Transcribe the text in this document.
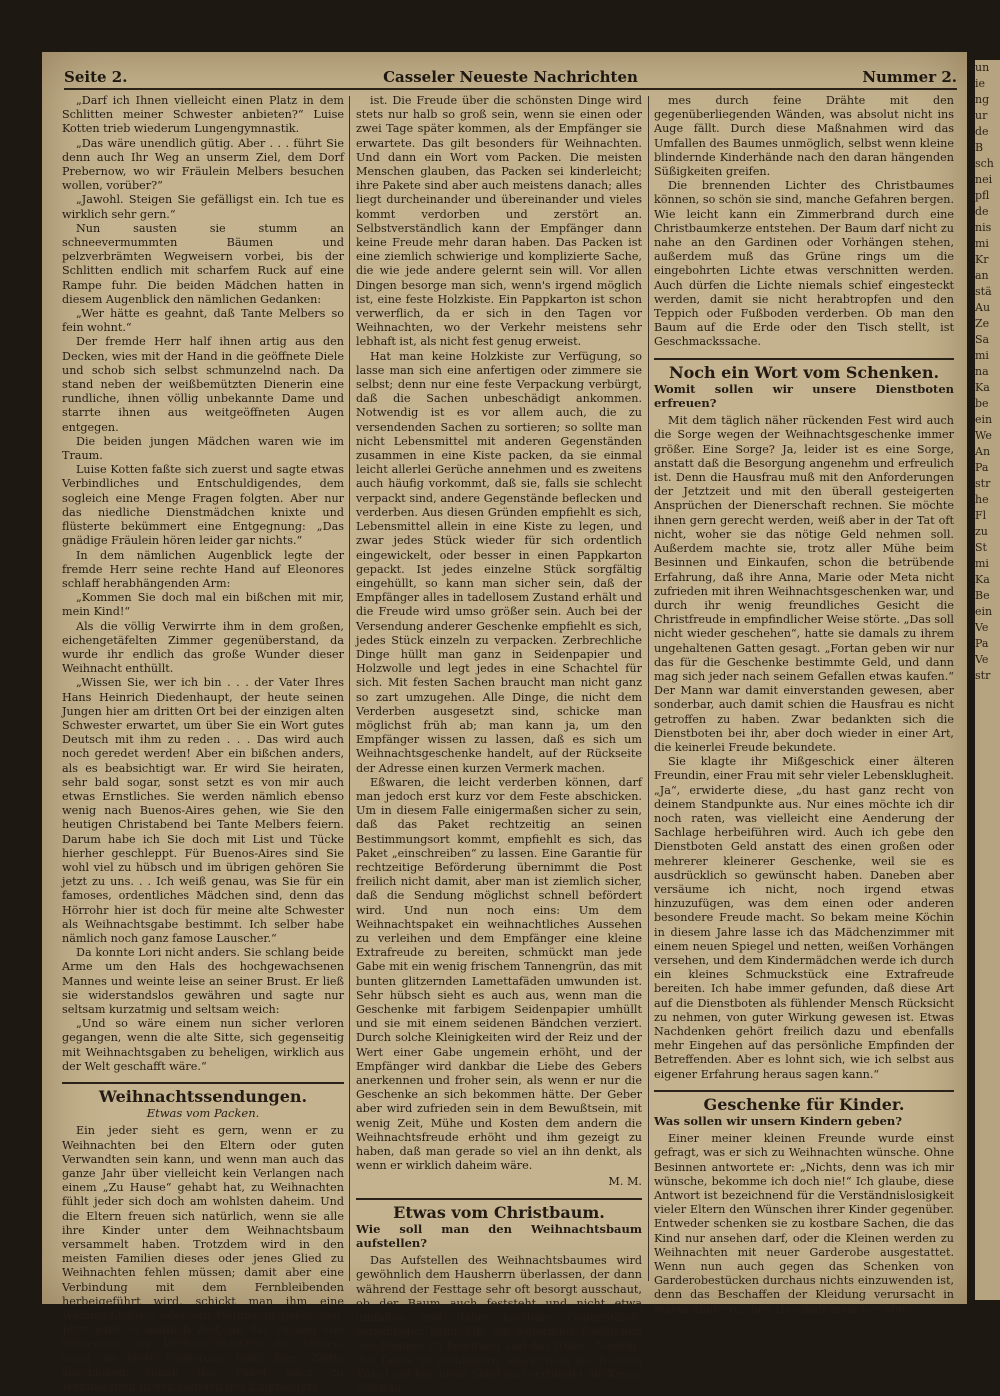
Seite 2.	Casseler Neueste Nachrichten	Nummer 2.

„Darf ich Ihnen vielleicht einen Platz in dem Schlitten meiner Schwester anbieten?“ Luise Kotten trieb wiederum Lungengymnastik.

„Das wäre unendlich gütig. Aber . . . führt Sie denn auch Ihr Weg an unserm Ziel, dem Dorf Prebernow, wo wir Fräulein Melbers besuchen wollen, vorüber?“

„Jawohl. Steigen Sie gefälligst ein. Ich tue es wirklich sehr gern.“

Nun sausten sie stumm an schneevermummten Bäumen und pelzverbrämten Wegweisern vorbei, bis der Schlitten endlich mit scharfem Ruck auf eine Rampe fuhr. Die beiden Mädchen hatten in diesem Augenblick den nämlichen Gedanken:

„Wer hätte es geahnt, daß Tante Melbers so fein wohnt.“

Der fremde Herr half ihnen artig aus den Decken, wies mit der Hand in die geöffnete Diele und schob sich selbst schmunzelnd nach. Da stand neben der weißbemützten Dienerin eine rundliche, ihnen völlig unbekannte Dame und starrte ihnen aus weitgeöffneten Augen entgegen.

Die beiden jungen Mädchen waren wie im Traum.

Luise Kotten faßte sich zuerst und sagte etwas Verbindliches und Entschuldigendes, dem sogleich eine Menge Fragen folgten. Aber nur das niedliche Dienstmädchen knixte und flüsterte bekümmert eine Entgegnung: „Das gnädige Fräulein hören leider gar nichts.“

In dem nämlichen Augenblick legte der fremde Herr seine rechte Hand auf Eleonores schlaff herabhängenden Arm:

„Kommen Sie doch mal ein bißchen mit mir, mein Kind!“

Als die völlig Verwirrte ihm in dem großen, eichengetäfelten Zimmer gegenüberstand, da wurde ihr endlich das große Wunder dieser Weihnacht enthüllt.

„Wissen Sie, wer ich bin . . . der Vater Ihres Hans Heinrich Diedenhaupt, der heute seinen Jungen hier am dritten Ort bei der einzigen alten Schwester erwartet, um über Sie ein Wort gutes Deutsch mit ihm zu reden . . . Das wird auch noch geredet werden! Aber ein bißchen anders, als es beabsichtigt war. Er wird Sie heiraten, sehr bald sogar, sonst setzt es von mir auch etwas Ernstliches. Sie werden nämlich ebenso wenig nach Buenos-Aires gehen, wie Sie den heutigen Christabend bei Tante Melbers feiern. Darum habe ich Sie doch mit List und Tücke hierher geschleppt. Für Buenos-Aires sind Sie wohl viel zu hübsch und im übrigen gehören Sie jetzt zu uns. . . Ich weiß genau, was Sie für ein famoses, ordentliches Mädchen sind, denn das Hörrohr hier ist doch für meine alte Schwester als Weihnachtsgabe bestimmt. Ich selber habe nämlich noch ganz famose Lauscher.“

Da konnte Lori nicht anders. Sie schlang beide Arme um den Hals des hochgewachsenen Mannes und weinte leise an seiner Brust. Er ließ sie widerstandslos gewähren und sagte nur seltsam kurzatmig und seltsam weich:

„Und so wäre einem nun sicher verloren gegangen, wenn die alte Sitte, sich gegenseitig mit Weihnachtsgaben zu beheligen, wirklich aus der Welt geschafft wäre.“

Weihnachtssendungen.
Etwas vom Packen.

Ein jeder sieht es gern, wenn er zu Weihnachten bei den Eltern oder guten Verwandten sein kann, und wenn man auch das ganze Jahr über vielleicht kein Verlangen nach einem „Zu Hause“ gehabt hat, zu Weihnachten fühlt jeder sich doch am wohlsten daheim. Und die Eltern freuen sich natürlich, wenn sie alle ihre Kinder unter dem Weihnachtsbaum versammelt haben. Trotzdem wird in den meisten Familien dieses oder jenes Glied zu Weihnachten fehlen müssen; damit aber eine Verbindung mit dem Fernbleibenden herbeigeführt wird, schickt man ihm eine Weihnachtskiste oder ein Weihnachtspaketchen. Jetzt wird es mählich Zeit, an das Packen und Versenden der Weihnachtskisten zu denken, denn die erste Forderung heißt hier: Zeitig abschicken, damit das Paket auch zu Weihnachten in den Händen des Empfängers

ist. Die Freude über die schönsten Dinge wird stets nur halb so groß sein, wenn sie einen oder zwei Tage später kommen, als der Empfänger sie erwartete. Das gilt besonders für Weihnachten. Und dann ein Wort vom Packen. Die meisten Menschen glauben, das Packen sei kinderleicht; ihre Pakete sind aber auch meistens danach; alles liegt durcheinander und übereinander und vieles kommt verdorben und zerstört an. Selbstverständlich kann der Empfänger dann keine Freude mehr daran haben. Das Packen ist eine ziemlich schwierige und komplizierte Sache, die wie jede andere gelernt sein will. Vor allen Dingen besorge man sich, wenn's irgend möglich ist, eine feste Holzkiste. Ein Pappkarton ist schon verwerflich, da er sich in den Tagen vor Weihnachten, wo der Verkehr meistens sehr lebhaft ist, als nicht fest genug erweist.

Hat man keine Holzkiste zur Verfügung, so lasse man sich eine anfertigen oder zimmere sie selbst; denn nur eine feste Verpackung verbürgt, daß die Sachen unbeschädigt ankommen. Notwendig ist es vor allem auch, die zu versendenden Sachen zu sortieren; so sollte man nicht Lebensmittel mit anderen Gegenständen zusammen in eine Kiste packen, da sie einmal leicht allerlei Gerüche annehmen und es zweitens auch häufig vorkommt, daß sie, falls sie schlecht verpackt sind, andere Gegenstände beflecken und verderben. Aus diesen Gründen empfiehlt es sich, Lebensmittel allein in eine Kiste zu legen, und zwar jedes Stück wieder für sich ordentlich eingewickelt, oder besser in einen Pappkarton gepackt. Ist jedes einzelne Stück sorgfältig eingehüllt, so kann man sicher sein, daß der Empfänger alles in tadellosem Zustand erhält und die Freude wird umso größer sein. Auch bei der Versendung anderer Geschenke empfiehlt es sich, jedes Stück einzeln zu verpacken. Zerbrechliche Dinge hüllt man ganz in Seidenpapier und Holzwolle und legt jedes in eine Schachtel für sich. Mit festen Sachen braucht man nicht ganz so zart umzugehen. Alle Dinge, die nicht dem Verderben ausgesetzt sind, schicke man möglichst früh ab; man kann ja, um den Empfänger wissen zu lassen, daß es sich um Weihnachtsgeschenke handelt, auf der Rückseite der Adresse einen kurzen Vermerk machen.

Eßwaren, die leicht verderben können, darf man jedoch erst kurz vor dem Feste abschicken. Um in diesem Falle einigermaßen sicher zu sein, daß das Paket rechtzeitig an seinen Bestimmungsort kommt, empfiehlt es sich, das Paket „einschreiben“ zu lassen. Eine Garantie für rechtzeitige Beförderung übernimmt die Post freilich nicht damit, aber man ist ziemlich sicher, daß die Sendung möglichst schnell befördert wird. Und nun noch eins: Um dem Weihnachtspaket ein weihnachtliches Aussehen zu verleihen und dem Empfänger eine kleine Extrafreude zu bereiten, schmückt man jede Gabe mit ein wenig frischem Tannengrün, das mit bunten glitzernden Lamettafäden umwunden ist. Sehr hübsch sieht es auch aus, wenn man die Geschenke mit farbigem Seidenpapier umhüllt und sie mit einem seidenen Bändchen verziert. Durch solche Kleinigkeiten wird der Reiz und der Wert einer Gabe ungemein erhöht, und der Empfänger wird dankbar die Liebe des Gebers anerkennen und froher sein, als wenn er nur die Geschenke an sich bekommen hätte. Der Geber aber wird zufrieden sein in dem Bewußtsein, mit wenig Zeit, Mühe und Kosten dem andern die Weihnachtsfreude erhöht und ihm gezeigt zu haben, daß man gerade so viel an ihn denkt, als wenn er wirklich daheim wäre.

M. M.
Etwas vom Christbaum.
Wie soll man den Weihnachtsbaum aufstellen?

Das Aufstellen des Weihnachtsbaumes wird gewöhnlich dem Hausherrn überlassen, der dann während der Festtage sehr oft besorgt ausschaut, ob der Baum auch feststeht und nicht etwa umfallen und dabei kostbare Gegenstände zerschlagen kann. Um ein dauerndes Feststehen des Baumes zu bewirken und das frühe „Nadeln“ der Tanne zu verhindern, steckt man sie in einen Kübel mit feuchtem Sand und verbindet die Krone des Bau-

mes durch feine Drähte mit den gegenüberliegenden Wänden, was absolut nicht ins Auge fällt. Durch diese Maßnahmen wird das Umfallen des Baumes unmöglich, selbst wenn kleine blindernde Kinderhände nach den daran hängenden Süßigkeiten greifen.

Die brennenden Lichter des Christbaumes können, so schön sie sind, manche Gefahren bergen. Wie leicht kann ein Zimmerbrand durch eine Christbaumkerze entstehen. Der Baum darf nicht zu nahe an den Gardinen oder Vorhängen stehen, außerdem muß das Grüne rings um die eingebohrten Lichte etwas verschnitten werden. Auch dürfen die Lichte niemals schief eingesteckt werden, damit sie nicht herabtropfen und den Teppich oder Fußboden verderben. Ob man den Baum auf die Erde oder den Tisch stellt, ist Geschmackssache.

Noch ein Wort vom Schenken.
Womit sollen wir unsere Dienstboten erfreuen?

Mit dem täglich näher rückenden Fest wird auch die Sorge wegen der Weihnachtsgeschenke immer größer. Eine Sorge? Ja, leider ist es eine Sorge, anstatt daß die Besorgung angenehm und erfreulich ist. Denn die Hausfrau muß mit den Anforderungen der Jetztzeit und mit den überall gesteigerten Ansprüchen der Dienerschaft rechnen. Sie möchte ihnen gern gerecht werden, weiß aber in der Tat oft nicht, woher sie das nötige Geld nehmen soll. Außerdem machte sie, trotz aller Mühe beim Besinnen und Einkaufen, schon die betrübende Erfahrung, daß ihre Anna, Marie oder Meta nicht zufrieden mit ihren Weihnachtsgeschenken war, und durch ihr wenig freundliches Gesicht die Christfreude in empfindlicher Weise störte. „Das soll nicht wieder geschehen“, hatte sie damals zu ihrem ungehaltenen Gatten gesagt. „Fortan geben wir nur das für die Geschenke bestimmte Geld, und dann mag sich jeder nach seinem Gefallen etwas kaufen.“ Der Mann war damit einverstanden gewesen, aber sonderbar, auch damit schien die Hausfrau es nicht getroffen zu haben. Zwar bedankten sich die Dienstboten bei ihr, aber doch wieder in einer Art, die keinerlei Freude bekundete.

Sie klagte ihr Mißgeschick einer älteren Freundin, einer Frau mit sehr vieler Lebensklugheit. „Ja“, erwiderte diese, „du hast ganz recht von deinem Standpunkte aus. Nur eines möchte ich dir noch raten, was vielleicht eine Aenderung der Sachlage herbeiführen wird. Auch ich gebe den Dienstboten Geld anstatt des einen großen oder mehrerer kleinerer Geschenke, weil sie es ausdrücklich so gewünscht haben. Daneben aber versäume ich nicht, noch irgend etwas hinzuzufügen, was dem einen oder anderen besondere Freude macht. So bekam meine Köchin in diesem Jahre lasse ich das Mädchenzimmer mit einem neuen Spiegel und netten, weißen Vorhängen versehen, und dem Kindermädchen werde ich durch ein kleines Schmuckstück eine Extrafreude bereiten. Ich habe immer gefunden, daß diese Art auf die Dienstboten als fühlender Mensch Rücksicht zu nehmen, von guter Wirkung gewesen ist. Etwas Nachdenken gehört freilich dazu und ebenfalls mehr Eingehen auf das persönliche Empfinden der Betreffenden. Aber es lohnt sich, wie ich selbst aus eigener Erfahrung heraus sagen kann.“

Geschenke für Kinder.
Was sollen wir unsern Kindern geben?

Einer meiner kleinen Freunde wurde einst gefragt, was er sich zu Weihnachten wünsche. Ohne Besinnen antwortete er: „Nichts, denn was ich mir wünsche, bekomme ich doch nie!“ Ich glaube, diese Antwort ist bezeichnend für die Verständnislosigkeit vieler Eltern den Wünschen ihrer Kinder gegenüber. Entweder schenken sie zu kostbare Sachen, die das Kind nur ansehen darf, oder die Kleinen werden zu Weihnachten mit neuer Garderobe ausgestattet. Wenn nun auch gegen das Schenken von Garderobestücken durchaus nichts einzuwenden ist, denn das Beschaffen der Kleidung verursacht in einem kinderreichen Haushalt mancher Mut-

un
ie
ng
ur
de
B
sch
nei
pfl
de
nis
mi
Kr
an
stä
Au
Ze
Sa
mi
na
Ka
be
ein
We
An
Pa
str
he
Fl
zu
St
mi
Ka
Be
ein
Ve
Pa
Ve
str
